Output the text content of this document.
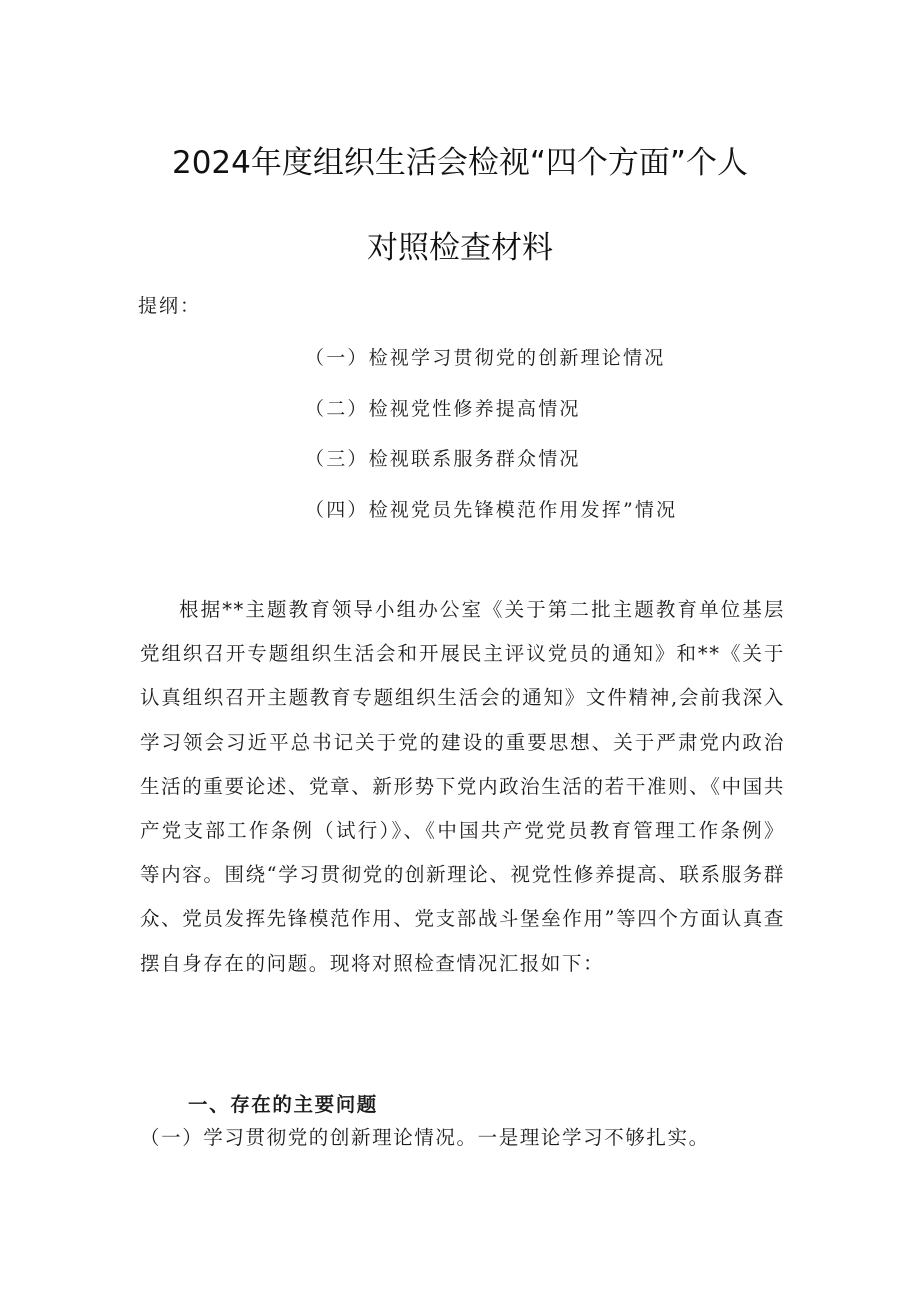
2024年度组织生活会检视“四个方面”个人
对照检查材料
提纲：
（一）检视学习贯彻党的创新理论情况
（二）检视党性修养提高情况
（三）检视联系服务群众情况
（四）检视党员先锋模范作用发挥”情况

根据**主题教育领导小组办公室《关于第二批主题教育单位基层党组织召开专题组织生活会和开展民主评议党员的通知》和**《关于认真组织召开主题教育专题组织生活会的通知》文件精神,会前我深入学习领会习近平总书记关于党的建设的重要思想、关于严肃党内政治生活的重要论述、党章、新形势下党内政治生活的若干准则、《中国共产党支部工作条例（试行）》、《中国共产党党员教育管理工作条例》等内容。围绕“学习贯彻党的创新理论、视党性修养提高、联系服务群众、党员发挥先锋模范作用、党支部战斗堡垒作用”等四个方面认真查摆自身存在的问题。现将对照检查情况汇报如下：

一、存在的主要问题

（一）学习贯彻党的创新理论情况。一是理论学习不够扎实。
